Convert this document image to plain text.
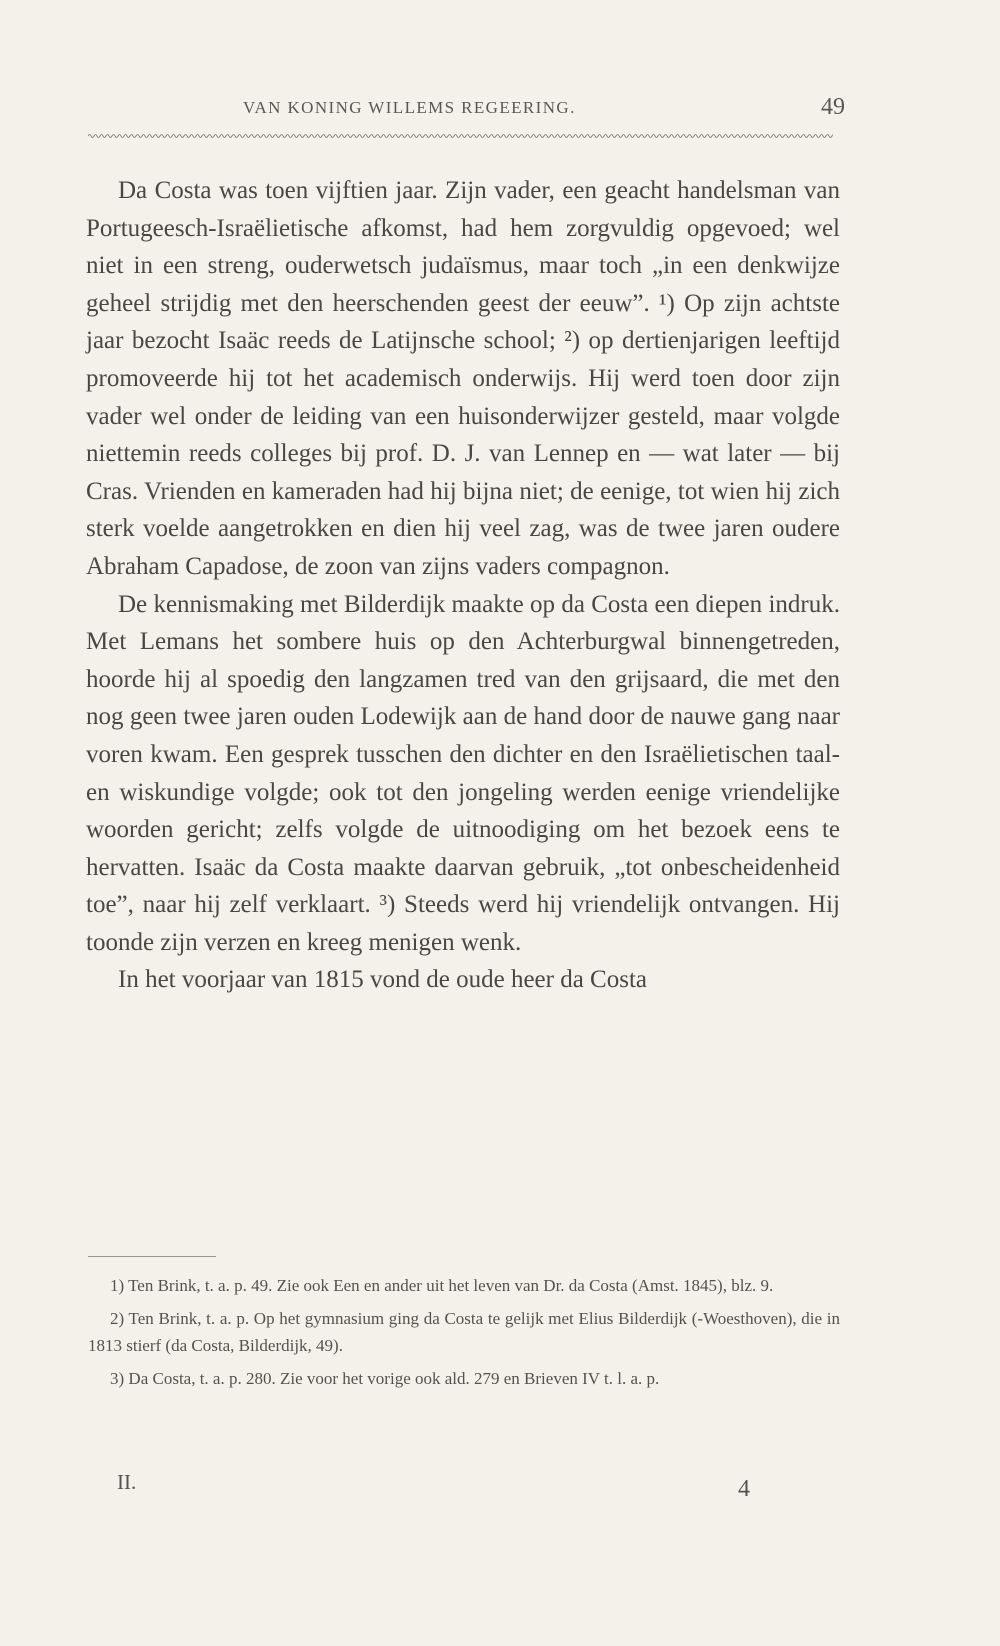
VAN KONING WILLEMS REGEERING.	49

Da Costa was toen vijftien jaar. Zijn vader, een geacht handelsman van Portugeesch-Israëlietische afkomst, had hem zorgvuldig opgevoed; wel niet in een streng, ouderwetsch judaïsmus, maar toch „in een denkwijze geheel strijdig met den heerschenden geest der eeuw”. ¹) Op zijn achtste jaar bezocht Isaäc reeds de Latijnsche school; ²) op dertienjarigen leeftijd promoveerde hij tot het academisch onderwijs. Hij werd toen door zijn vader wel onder de leiding van een huisonderwijzer gesteld, maar volgde niettemin reeds colleges bij prof. D. J. van Lennep en — wat later — bij Cras. Vrienden en kameraden had hij bijna niet; de eenige, tot wien hij zich sterk voelde aangetrokken en dien hij veel zag, was de twee jaren oudere Abraham Capadose, de zoon van zijns vaders compagnon.

De kennismaking met Bilderdijk maakte op da Costa een diepen indruk. Met Lemans het sombere huis op den Achterburgwal binnengetreden, hoorde hij al spoedig den langzamen tred van den grijsaard, die met den nog geen twee jaren ouden Lodewijk aan de hand door de nauwe gang naar voren kwam. Een gesprek tusschen den dichter en den Israëlietischen taal- en wiskundige volgde; ook tot den jongeling werden eenige vriendelijke woorden gericht; zelfs volgde de uitnoodiging om het bezoek eens te hervatten. Isaäc da Costa maakte daarvan gebruik, „tot onbescheidenheid toe”, naar hij zelf verklaart. ³) Steeds werd hij vriendelijk ontvangen. Hij toonde zijn verzen en kreeg menigen wenk.

In het voorjaar van 1815 vond de oude heer da Costa

1) Ten Brink, t. a. p. 49. Zie ook Een en ander uit het leven van Dr. da Costa (Amst. 1845), blz. 9.

2) Ten Brink, t. a. p. Op het gymnasium ging da Costa te gelijk met Elius Bilderdijk (-Woesthoven), die in 1813 stierf (da Costa, Bilderdijk, 49).

3) Da Costa, t. a. p. 280. Zie voor het vorige ook ald. 279 en Brieven IV t. l. a. p.

II.	4
